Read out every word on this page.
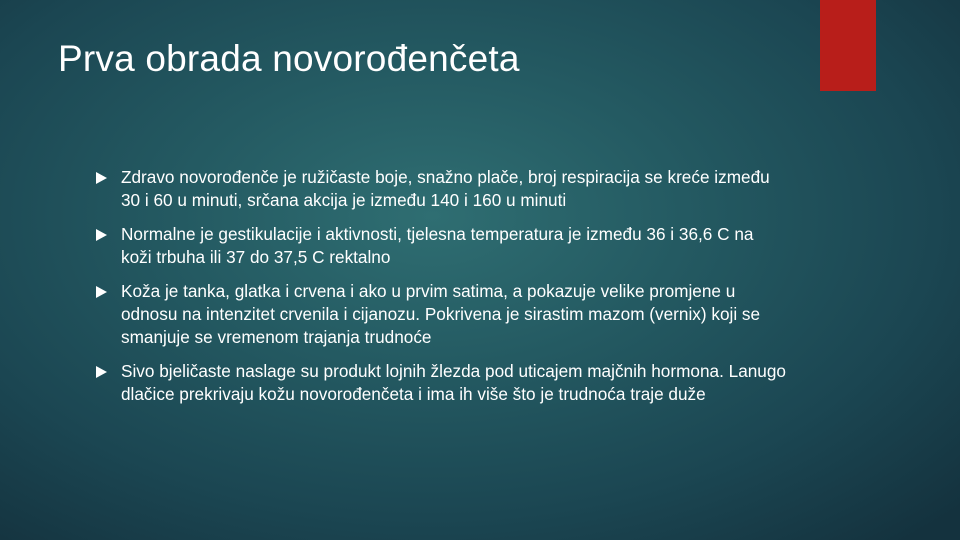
Prva obrada novorođenčeta
Zdravo novorođenče je ružičaste boje, snažno plače, broj respiracija se kreće između 30 i 60 u minuti, srčana akcija je između 140 i 160 u minuti
Normalne je gestikulacije i aktivnosti, tjelesna temperatura je između 36 i 36,6 C na koži trbuha ili 37 do 37,5 C rektalno
Koža je tanka, glatka i crvena i ako u prvim satima, a pokazuje velike promjene u odnosu na intenzitet crvenila i cijanozu. Pokrivena je sirastim mazom (vernix) koji se smanjuje se vremenom trajanja trudnoće
Sivo bjeličaste naslage su produkt lojnih žlezda pod uticajem majčnih hormona. Lanugo dlačice prekrivaju kožu novorođenčeta i ima ih više što je trudnoća traje duže
